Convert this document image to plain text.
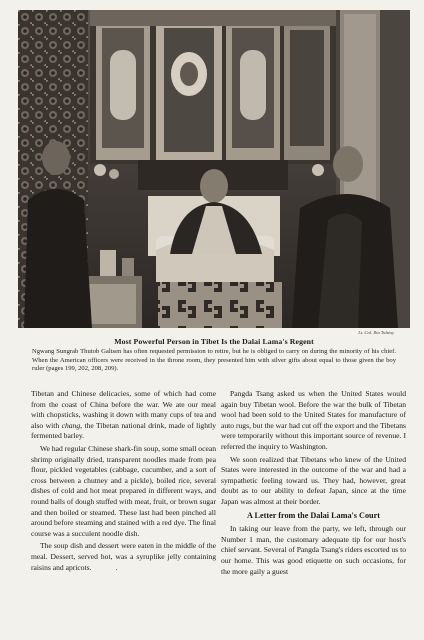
Lt. Col. Ilia Tolstoy
Most Powerful Person in Tibet Is the Dalai Lama's Regent
Ngwang Sungrab Thutob Galtsen has often requested permission to retire, but he is obliged to carry on during the minority of his chief. When the American officers were received in the throne room, they presented him with silver gifts about equal to those given the boy ruler (pages 199, 202, 208, 209).

Tibetan and Chinese delicacies, some of which had come from the coast of China before the war. We ate our meal with chopsticks, washing it down with many cups of tea and also with chang, the Tibetan national drink, made of lightly fermented barley.

We had regular Chinese shark-fin soup, some small ocean shrimp originally dried, transparent noodles made from pea flour, pickled vegetables (cabbage, cucumber, and a sort of cross between a chutney and a pickle), boiled rice, several dishes of cold and hot meat prepared in different ways, and round balls of dough stuffed with meat, fruit, or brown sugar and then boiled or steamed. These last had been pinched all around before steaming and stained with a red dye. The final course was a succulent noodle dish.

The soup dish and dessert were eaten in the middle of the meal. Dessert, served hot, was a syruplike jelly containing raisins and apricots.	.

Pangda Tsang asked us when the United States would again buy Tibetan wool. Before the war the bulk of Tibetan wool had been sold to the United States for manufacture of auto rugs, but the war had cut off the export and the Tibetans were temporarily without this important source of revenue. I referred the inquiry to Washington.

We soon realized that Tibetans who knew of the United States were interested in the outcome of the war and had a sympathetic feeling toward us. They had, however, great doubt as to our ability to defeat Japan, since at the time Japan was almost at their border.

A Letter from the Dalai Lama's Court

In taking our leave from the party, we left, through our Number 1 man, the customary adequate tip for our host's chief servant. Several of Pangda Tsang's riders escorted us to our home. This was good etiquette on such occasions, for the more gaily a guest
